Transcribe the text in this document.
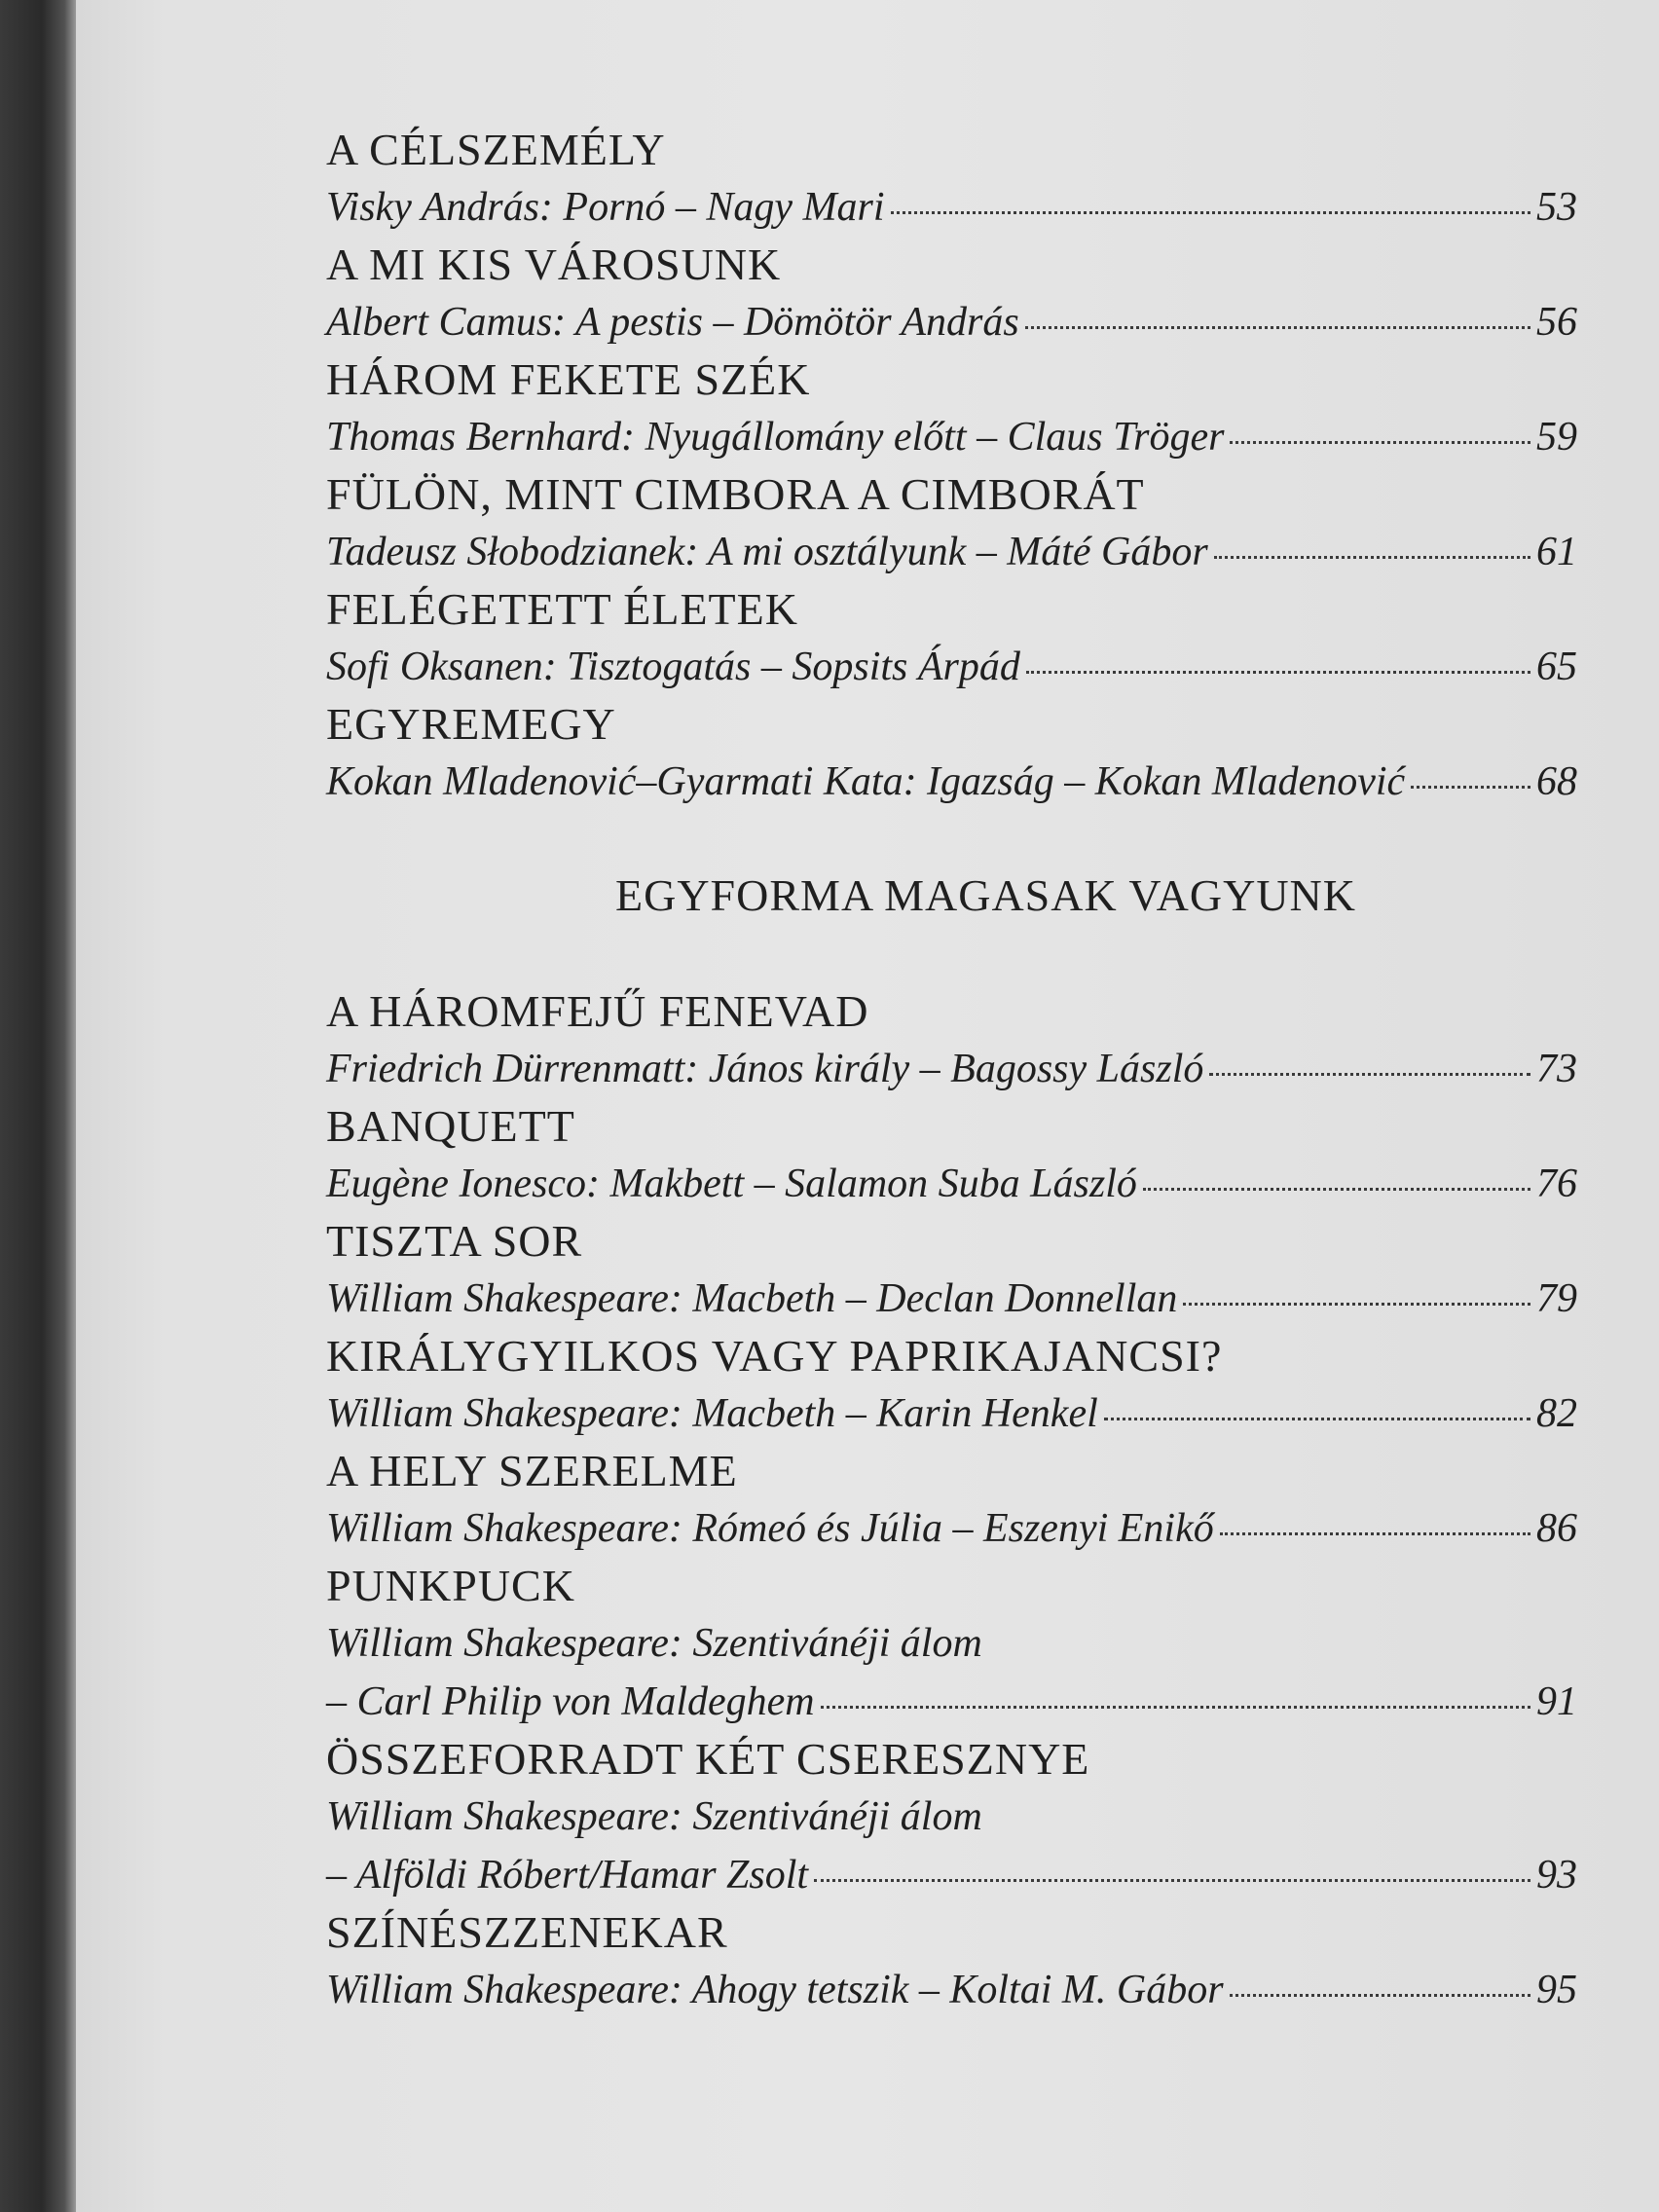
A CÉLSZEMÉLY
Visky András: Pornó – Nagy Mari	53
A MI KIS VÁROSUNK
Albert Camus: A pestis – Dömötör András	56
HÁROM FEKETE SZÉK
Thomas Bernhard: Nyugállomány előtt – Claus Tröger	59
FÜLÖN, MINT CIMBORA A CIMBORÁT
Tadeusz Słobodzianek: A mi osztályunk – Máté Gábor	61
FELÉGETETT ÉLETEK
Sofi Oksanen: Tisztogatás – Sopsits Árpád	65
EGYREMEGY
Kokan Mladenović–Gyarmati Kata: Igazság – Kokan Mladenović	68
EGYFORMA MAGASAK VAGYUNK
A HÁROMFEJŰ FENEVAD
Friedrich Dürrenmatt: János király – Bagossy László	73
BANQUETT
Eugène Ionesco: Makbett – Salamon Suba László	76
TISZTA SOR
William Shakespeare: Macbeth – Declan Donnellan	79
KIRÁLYGYILKOS VAGY PAPRIKAJANCSI?
William Shakespeare: Macbeth – Karin Henkel	82
A HELY SZERELME
William Shakespeare: Rómeó és Júlia – Eszenyi Enikő	86
PUNKPUCK
William Shakespeare: Szentivánéji álom
– Carl Philip von Maldeghem	91
ÖSSZEFORRADT KÉT CSERESZNYE
William Shakespeare: Szentivánéji álom
– Alföldi Róbert/Hamar Zsolt	93
SZÍNÉSZZENEKAR
William Shakespeare: Ahogy tetszik – Koltai M. Gábor	95
